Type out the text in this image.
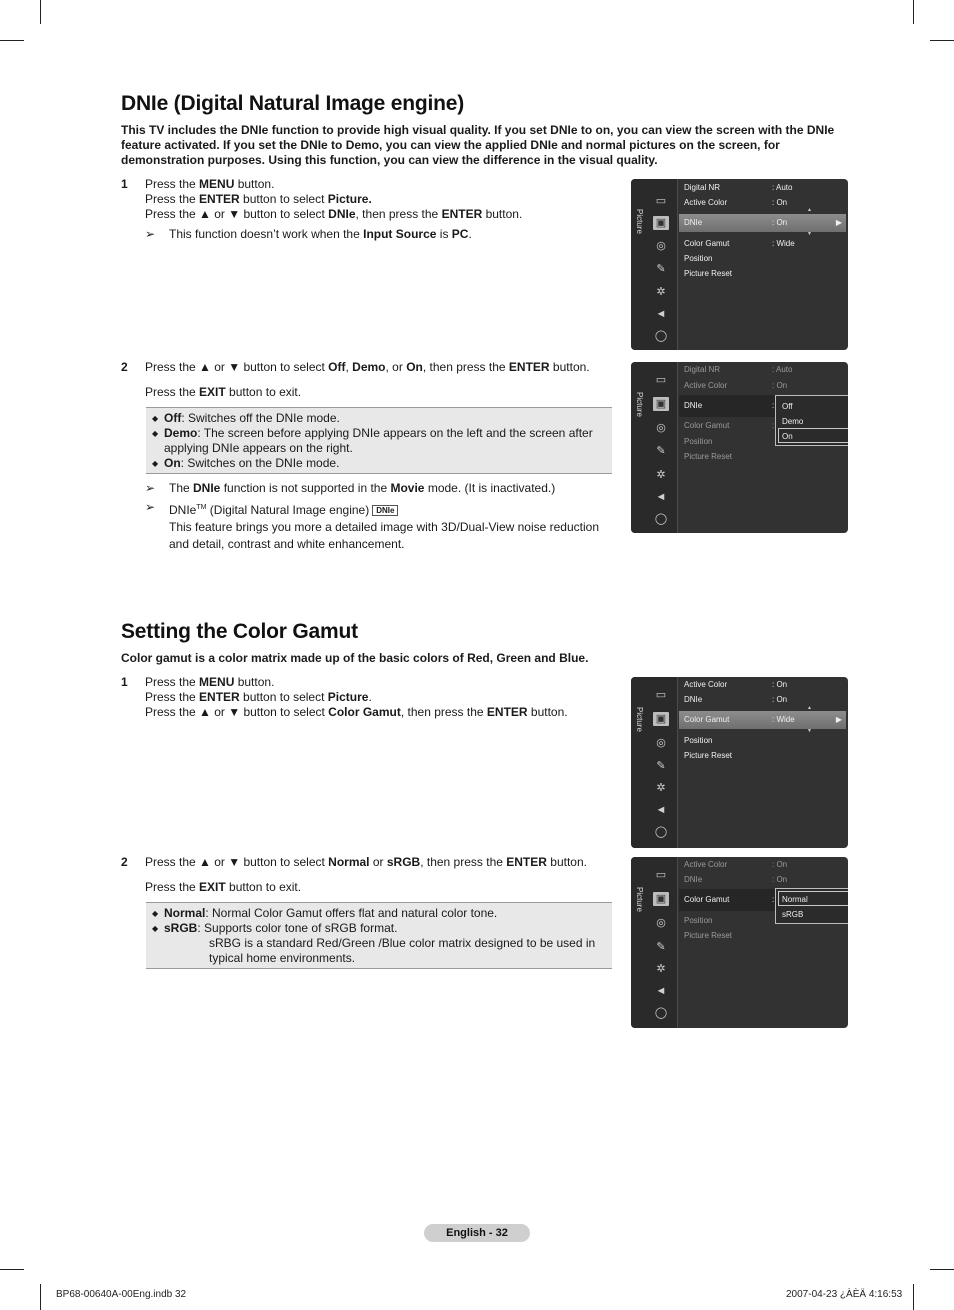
DNIe (Digital Natural Image engine)

This TV includes the DNIe function to provide high visual quality. If you set DNIe to on, you can view the screen with the DNIe feature activated. If you set the DNIe to Demo, you can view the applied DNIe and normal pictures on the screen, for demonstration purposes. Using this function, you can view the difference in the visual quality.

1 Press the MENU button.
Press the ENTER button to select Picture.
Press the ▲ or ▼ button to select DNIe, then press the ENTER button.
➢ This function doesn’t work when the Input Source is PC.
2 Press the ▲ or ▼ button to select Off, Demo, or On, then press the ENTER button.
Press the EXIT button to exit.
◆ Off: Switches off the DNIe mode.
◆ Demo: The screen before applying DNIe appears on the left and the screen after applying DNIe appears on the right.
◆ On: Switches on the DNIe mode.
➢ The DNIe function is not supported in the Movie mode. (It is inactivated.)
➢ DNIe™ (Digital Natural Image engine) DNIe
This feature brings you more a detailed image with 3D/Dual-View noise reduction and detail, contrast and white enhancement.
Setting the Color Gamut

Color gamut is a color matrix made up of the basic colors of Red, Green and Blue.

1 Press the MENU button.
Press the ENTER button to select Picture.
Press the ▲ or ▼ button to select Color Gamut, then press the ENTER button.
2 Press the ▲ or ▼ button to select Normal or sRGB, then press the ENTER button.
Press the EXIT button to exit.
◆ Normal: Normal Color Gamut offers flat and natural color tone.
◆ sRGB: Supports color tone of sRGB format.
sRBG is a standard Red/Green /Blue color matrix designed to be used in typical home environments.
Picture
▭
▣
◎
✎
✲
◄
◯
Digital NR	: Auto
Active Color	: On
DNIe	: On	▶
Color Gamut	: Wide
Position
Picture Reset
▲
▼
Picture
▭
▣
◎
✎
✲
◄
◯
Digital NR	: Auto
Active Color	: On
DNIe	:
Color Gamut	:
Position
Picture Reset
Off
Demo
On
Picture
▭
▣
◎
✎
✲
◄
◯
Active Color	: On
DNIe	: On
Color Gamut	: Wide	▶
Position
Picture Reset
▲
▼
Picture
▭
▣
◎
✎
✲
◄
◯
Active Color	: On
DNIe	: On
Color Gamut	:
Position
Picture Reset
Normal
sRGB
English - 32
BP68-00640A-00Eng.indb 32	2007-04-23 ¿ÀÈÄ 4:16:53
